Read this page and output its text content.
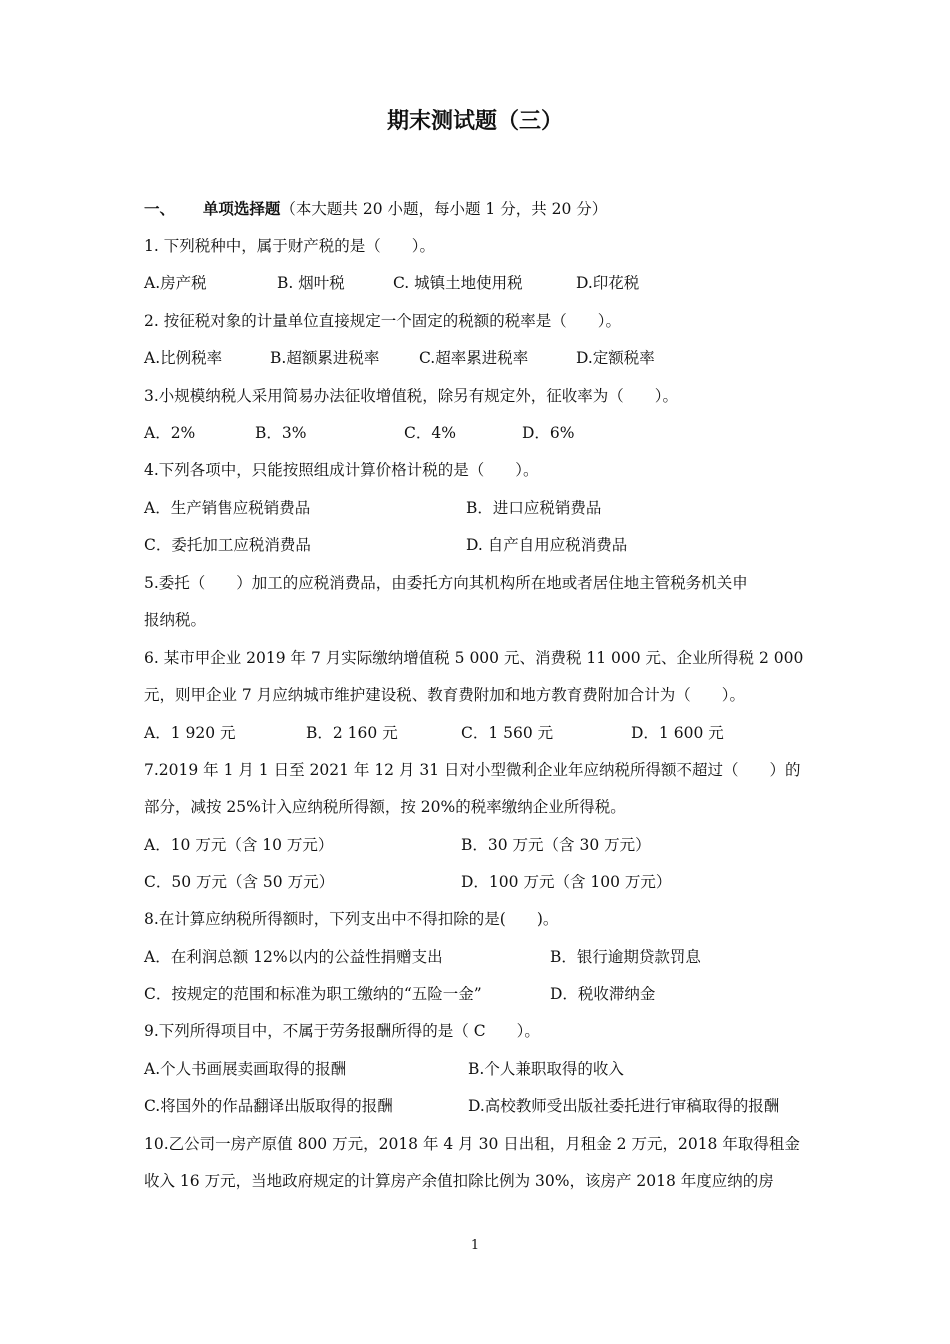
期末测试题（三）
一、 单项选择题（本大题共 20 小题，每小题 1 分，共 20 分）
1. 下列税种中，属于财产税的是（　　）。
A.房产税	B. 烟叶税	C. 城镇土地使用税	D.印花税
2. 按征税对象的计量单位直接规定一个固定的税额的税率是（　　）。
A.比例税率	B.超额累进税率	C.超率累进税率	D.定额税率
3.小规模纳税人采用简易办法征收增值税，除另有规定外，征收率为（　　）。
A．2%	B．3%	C．4%	D．6%
4.下列各项中，只能按照组成计算价格计税的是（　　）。
A．生产销售应税销费品	B．进口应税销费品
C．委托加工应税消费品	D. 自产自用应税消费品
5.委托（　　）加工的应税消费品，由委托方向其机构所在地或者居住地主管税务机关申
报纳税。
6. 某市甲企业 2019 年 7 月实际缴纳增值税 5 000 元、消费税 11 000 元、企业所得税 2 000
元，则甲企业 7 月应纳城市维护建设税、教育费附加和地方教育费附加合计为（　　）。
A．1 920 元	B．2 160 元	C．1 560 元	D．1 600 元
7.2019 年 1 月 1 日至 2021 年 12 月 31 日对小型微利企业年应纳税所得额不超过（　　）的
部分，减按 25%计入应纳税所得额，按 20%的税率缴纳企业所得税。
A．10 万元（含 10 万元）	B．30 万元（含 30 万元）
C．50 万元（含 50 万元）	D．100 万元（含 100 万元）
8.在计算应纳税所得额时，下列支出中不得扣除的是(　　)。
A．在利润总额 12%以内的公益性捐赠支出	B．银行逾期贷款罚息
C．按规定的范围和标准为职工缴纳的“五险一金”	D．税收滞纳金
9.下列所得项目中，不属于劳务报酬所得的是（ C　　）。
A.个人书画展卖画取得的报酬	B.个人兼职取得的收入
C.将国外的作品翻译出版取得的报酬	D.高校教师受出版社委托进行审稿取得的报酬
10.乙公司一房产原值 800 万元，2018 年 4 月 30 日出租，月租金 2 万元，2018 年取得租金
收入 16 万元，当地政府规定的计算房产余值扣除比例为 30%，该房产 2018 年度应纳的房
1
